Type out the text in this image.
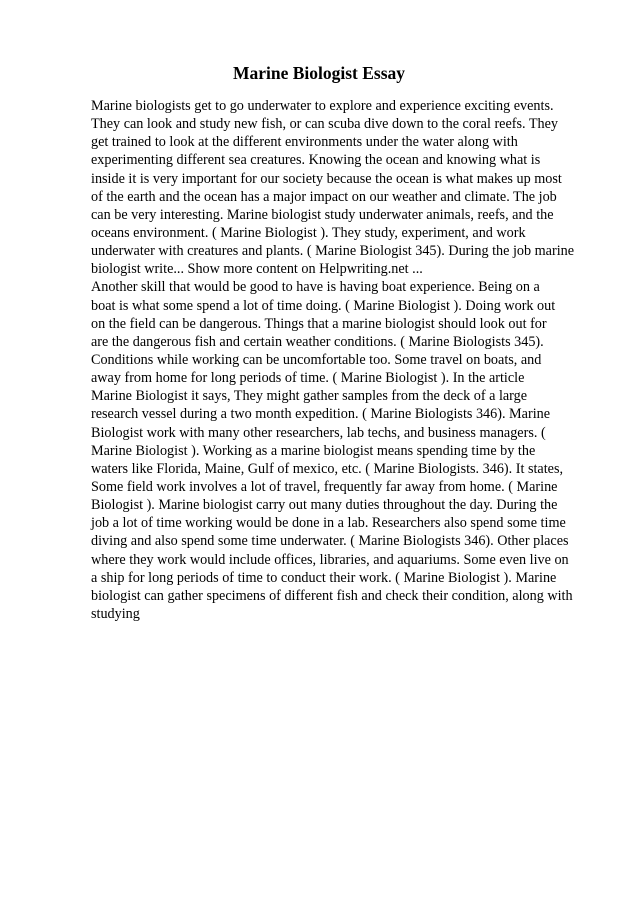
Marine Biologist Essay
Marine biologists get to go underwater to explore and experience exciting events.
They can look and study new fish, or can scuba dive down to the coral reefs. They
get trained to look at the different environments under the water along with
experimenting different sea creatures. Knowing the ocean and knowing what is
inside it is very important for our society because the ocean is what makes up most
of the earth and the ocean has a major impact on our weather and climate. The job
can be very interesting. Marine biologist study underwater animals, reefs, and the
oceans environment. ( Marine Biologist ). They study, experiment, and work
underwater with creatures and plants. ( Marine Biologist 345). During the job marine
biologist write... Show more content on Helpwriting.net ...
Another skill that would be good to have is having boat experience. Being on a
boat is what some spend a lot of time doing. ( Marine Biologist ). Doing work out
on the field can be dangerous. Things that a marine biologist should look out for
are the dangerous fish and certain weather conditions. ( Marine Biologists 345).
Conditions while working can be uncomfortable too. Some travel on boats, and
away from home for long periods of time. ( Marine Biologist ). In the article
Marine Biologist it says, They might gather samples from the deck of a large
research vessel during a two month expedition. ( Marine Biologists 346). Marine
Biologist work with many other researchers, lab techs, and business managers. (
Marine Biologist ). Working as a marine biologist means spending time by the
waters like Florida, Maine, Gulf of mexico, etc. ( Marine Biologists. 346). It states,
Some field work involves a lot of travel, frequently far away from home. ( Marine
Biologist ). Marine biologist carry out many duties throughout the day. During the
job a lot of time working would be done in a lab. Researchers also spend some time
diving and also spend some time underwater. ( Marine Biologists 346). Other places
where they work would include offices, libraries, and aquariums. Some even live on
a ship for long periods of time to conduct their work. ( Marine Biologist ). Marine
biologist can gather specimens of different fish and check their condition, along with
studying
